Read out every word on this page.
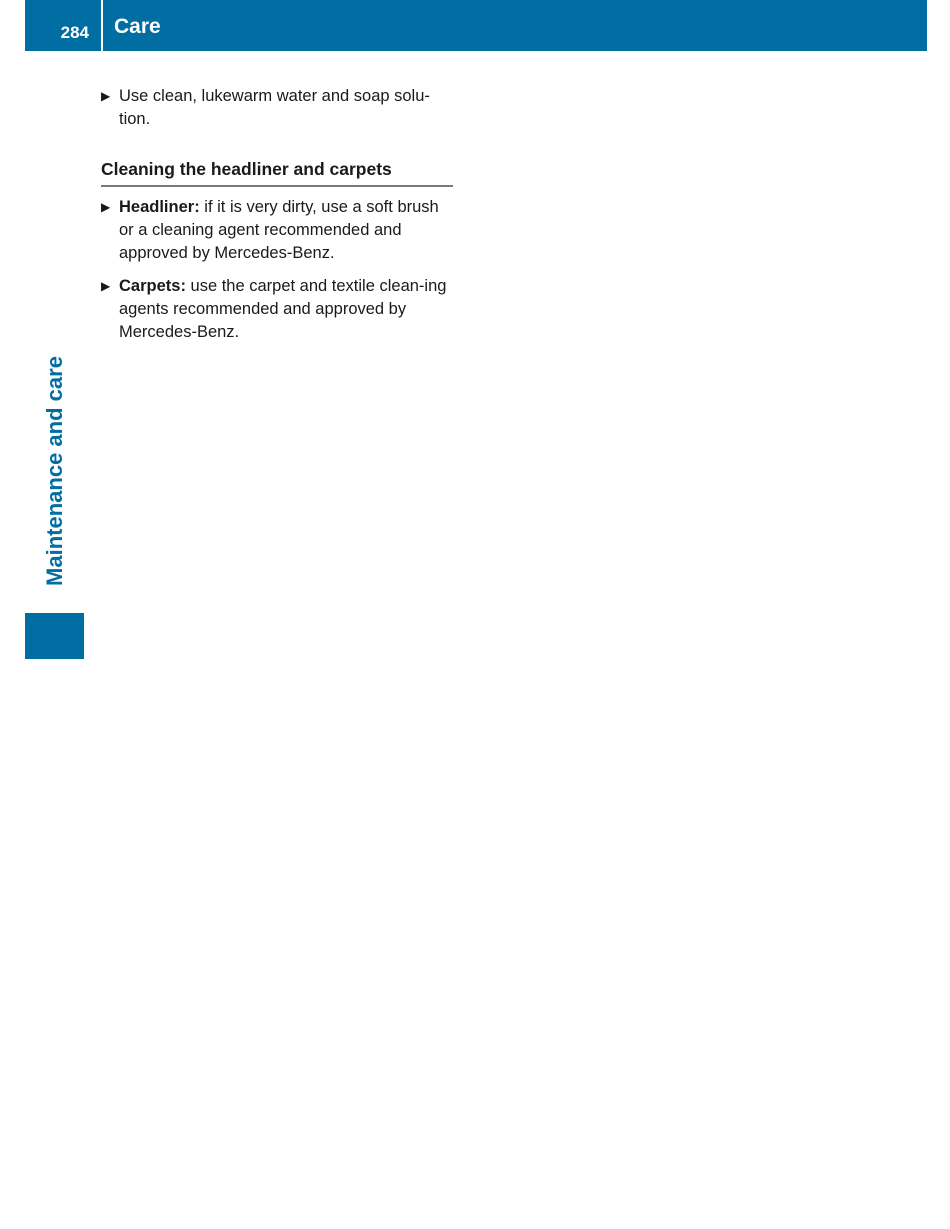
284	Care
Maintenance and care
▶ Use clean, lukewarm water and soap solu-tion.
Cleaning the headliner and carpets
▶ Headliner: if it is very dirty, use a soft brush or a cleaning agent recommended and approved by Mercedes-Benz.
▶ Carpets: use the carpet and textile clean-ing agents recommended and approved by Mercedes-Benz.
